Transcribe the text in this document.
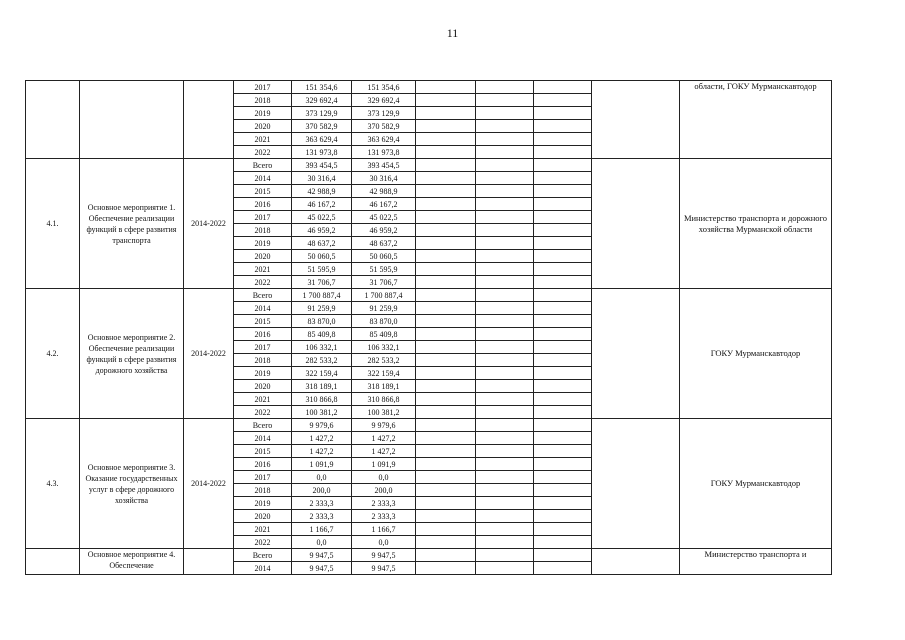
11
			2017	151 354,6	151 354,6					области, ГОКУ Мурманскавтодор
			2018	329 692,4	329 692,4					
			2019	373 129,9	373 129,9					
			2020	370 582,9	370 582,9					
			2021	363 629,4	363 629,4					
			2022	131 973,8	131 973,8					
4.1.	Основное мероприятие 1. Обеспечение реализации функций в сфере развития транспорта	2014-2022	Всего	393 454,5	393 454,5					Министерство транспорта и дорожного хозяйства Мурманской области
			2014	30 316,4	30 316,4					
			2015	42 988,9	42 988,9					
			2016	46 167,2	46 167,2					
			2017	45 022,5	45 022,5					
			2018	46 959,2	46 959,2					
			2019	48 637,2	48 637,2					
			2020	50 060,5	50 060,5					
			2021	51 595,9	51 595,9					
			2022	31 706,7	31 706,7					
4.2.	Основное мероприятие 2. Обеспечение реализации функций в сфере развития дорожного хозяйства	2014-2022	Всего	1 700 887,4	1 700 887,4					ГОКУ Мурманскавтодор
			2014	91 259,9	91 259,9					
			2015	83 870,0	83 870,0					
			2016	85 409,8	85 409,8					
			2017	106 332,1	106 332,1					
			2018	282 533,2	282 533,2					
			2019	322 159,4	322 159,4					
			2020	318 189,1	318 189,1					
			2021	310 866,8	310 866,8					
			2022	100 381,2	100 381,2					
4.3.	Основное мероприятие 3. Оказание государственных услуг в сфере дорожного хозяйства	2014-2022	Всего	9 979,6	9 979,6					ГОКУ Мурманскавтодор
			2014	1 427,2	1 427,2					
			2015	1 427,2	1 427,2					
			2016	1 091,9	1 091,9					
			2017	0,0	0,0					
			2018	200,0	200,0					
			2019	2 333,3	2 333,3					
			2020	2 333,3	2 333,3					
			2021	1 166,7	1 166,7					
			2022	0,0	0,0					
	Основное мероприятие 4. Обеспечение		Всего	9 947,5	9 947,5					Министерство транспорта и
			2014	9 947,5	9 947,5					
